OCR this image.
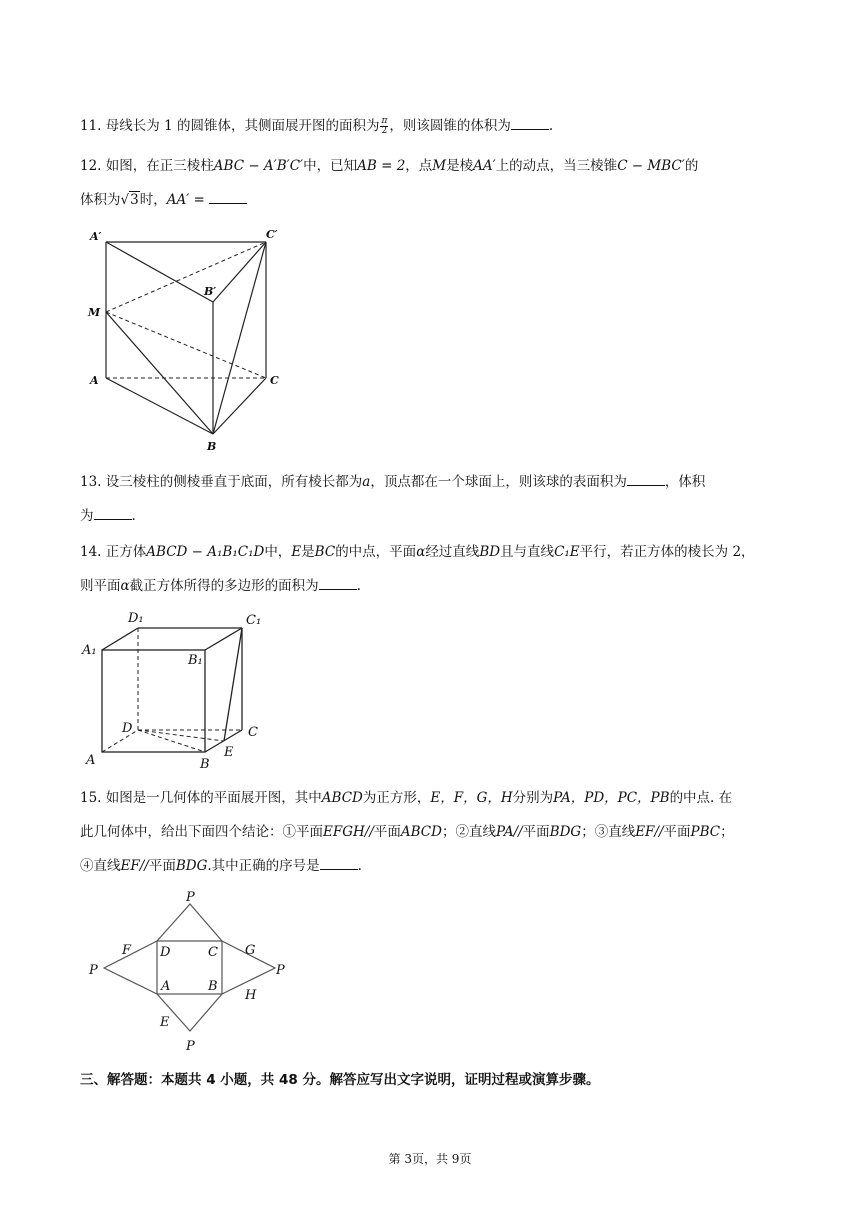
11. 母线长为 1 的圆锥体，其侧面展开图的面积为 $\frac{\pi}{2}$ ，则该圆锥的体积为	.
12. 如图，在正三棱柱ABC − A′B′C′中，已知AB = 2，点M是棱AA′上的动点，当三棱锥C − MBC′的
体积为√3时，AA′ =
A′	C′
B′
M
A	C
B
13. 设三棱柱的侧棱垂直于底面，所有棱长都为a，顶点都在一个球面上，则该球的表面积为	，体积
为	.
14. 正方体ABCD − A₁B₁C₁D中，E是BC的中点，平面α经过直线BD且与直线C₁E平行，若正方体的棱长为 2，
则平面α截正方体所得的多边形的面积为	.
D₁	C₁
A₁
B₁
D	C
E
A	B
15. 如图是一几何体的平面展开图，其中ABCD为正方形，E，F，G，H分别为PA，PD，PC，PB的中点. 在
此几何体中，给出下面四个结论：①平面EFGH//平面ABCD；②直线PA//平面BDG；③直线EF//平面PBC；
④直线EF//平面BDG.其中正确的序号是	.
P
P	P
P
F D	C G
A	B
H
E
三、解答题：本题共 4 小题，共 48 分。解答应写出文字说明，证明过程或演算步骤。
第 3页，共 9页
